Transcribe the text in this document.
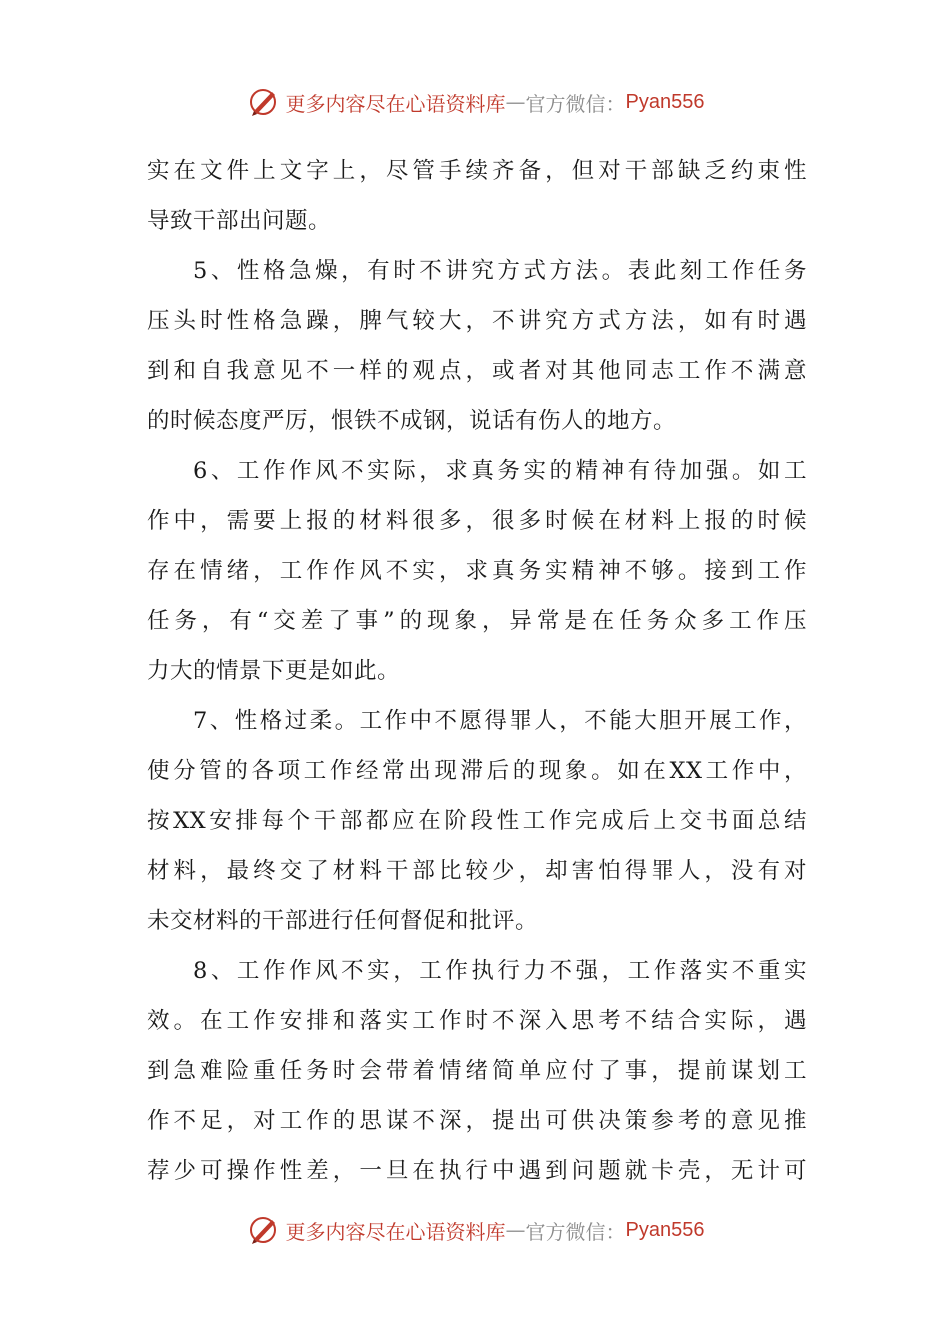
更多内容尽在心语资料库 — 官方微信： Pyan556
实在文件上文字上，尽管手续齐备，但对干部缺乏约束性
导致干部出问题。
5、性格急燥，有时不讲究方式方法。表此刻工作任务
压头时性格急躁，脾气较大，不讲究方式方法，如有时遇
到和自我意见不一样的观点，或者对其他同志工作不满意
的时候态度严厉，恨铁不成钢，说话有伤人的地方。
6、工作作风不实际，求真务实的精神有待加强。如工
作中，需要上报的材料很多，很多时候在材料上报的时候
存在情绪，工作作风不实，求真务实精神不够。接到工作
任务，有“交差了事”的现象，异常是在任务众多工作压
力大的情景下更是如此。
7、性格过柔。工作中不愿得罪人，不能大胆开展工作，
使分管的各项工作经常出现滞后的现象。如在XX工作中，
按XX安排每个干部都应在阶段性工作完成后上交书面总结
材料，最终交了材料干部比较少，却害怕得罪人，没有对
未交材料的干部进行任何督促和批评。
8、工作作风不实，工作执行力不强，工作落实不重实
效。在工作安排和落实工作时不深入思考不结合实际，遇
到急难险重任务时会带着情绪简单应付了事，提前谋划工
作不足，对工作的思谋不深，提出可供决策参考的意见推
荐少可操作性差，一旦在执行中遇到问题就卡壳，无计可
更多内容尽在心语资料库 — 官方微信： Pyan556
